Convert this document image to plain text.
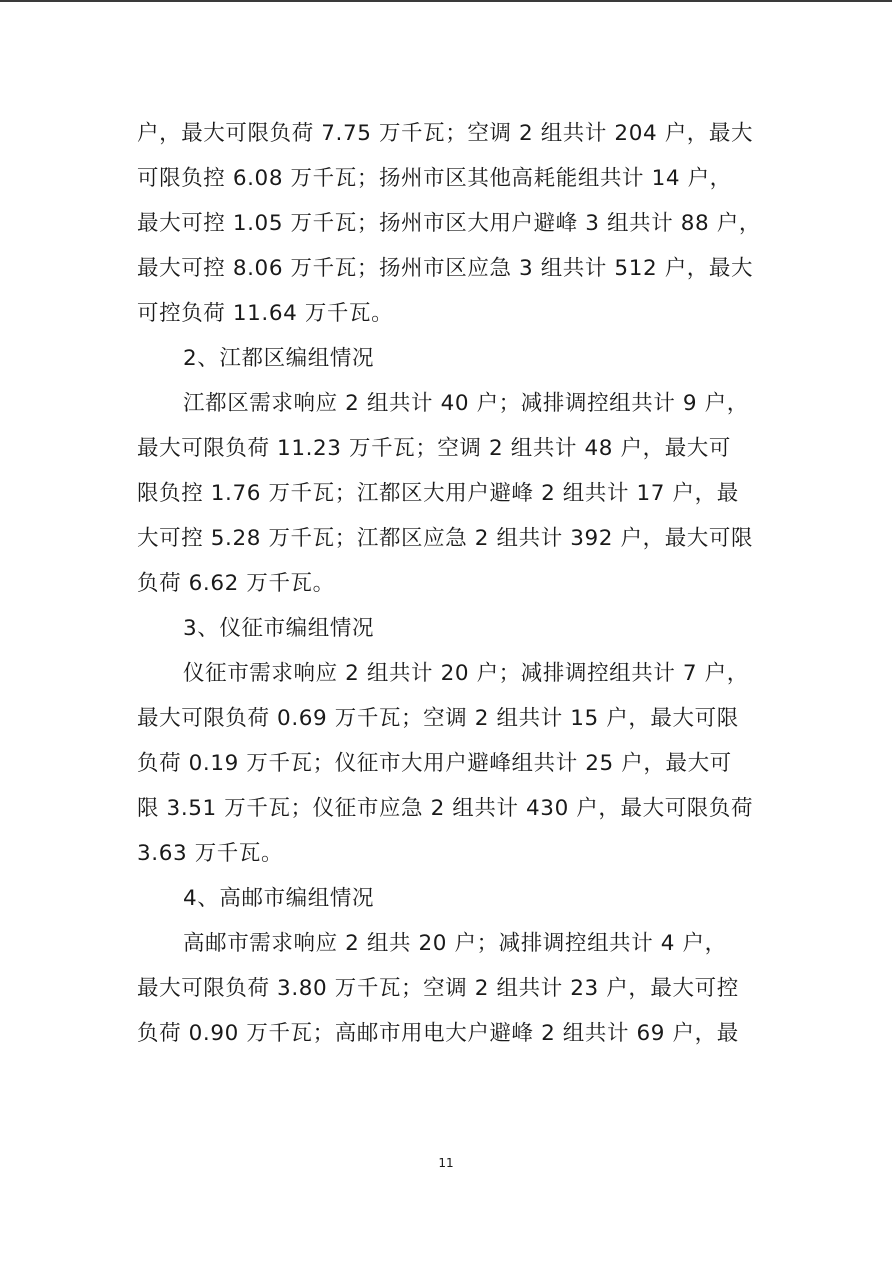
户，最大可限负荷 7.75 万千瓦；空调 2 组共计 204 户，最大
可限负控 6.08 万千瓦；扬州市区其他高耗能组共计 14 户，
最大可控 1.05 万千瓦；扬州市区大用户避峰 3 组共计 88 户，
最大可控 8.06 万千瓦；扬州市区应急 3 组共计 512 户，最大
可控负荷 11.64 万千瓦。
2、江都区编组情况
江都区需求响应 2 组共计 40 户；减排调控组共计 9 户，
最大可限负荷 11.23 万千瓦；空调 2 组共计 48 户，最大可
限负控 1.76 万千瓦；江都区大用户避峰 2 组共计 17 户，最
大可控 5.28 万千瓦；江都区应急 2 组共计 392 户，最大可限
负荷 6.62 万千瓦。
3、仪征市编组情况
仪征市需求响应 2 组共计 20 户；减排调控组共计 7 户，
最大可限负荷 0.69 万千瓦；空调 2 组共计 15 户，最大可限
负荷 0.19 万千瓦；仪征市大用户避峰组共计 25 户，最大可
限 3.51 万千瓦；仪征市应急 2 组共计 430 户，最大可限负荷
3.63 万千瓦。
4、高邮市编组情况
高邮市需求响应 2 组共 20 户；减排调控组共计 4 户，
最大可限负荷 3.80 万千瓦；空调 2 组共计 23 户，最大可控
负荷 0.90 万千瓦；高邮市用电大户避峰 2 组共计 69 户，最
11
